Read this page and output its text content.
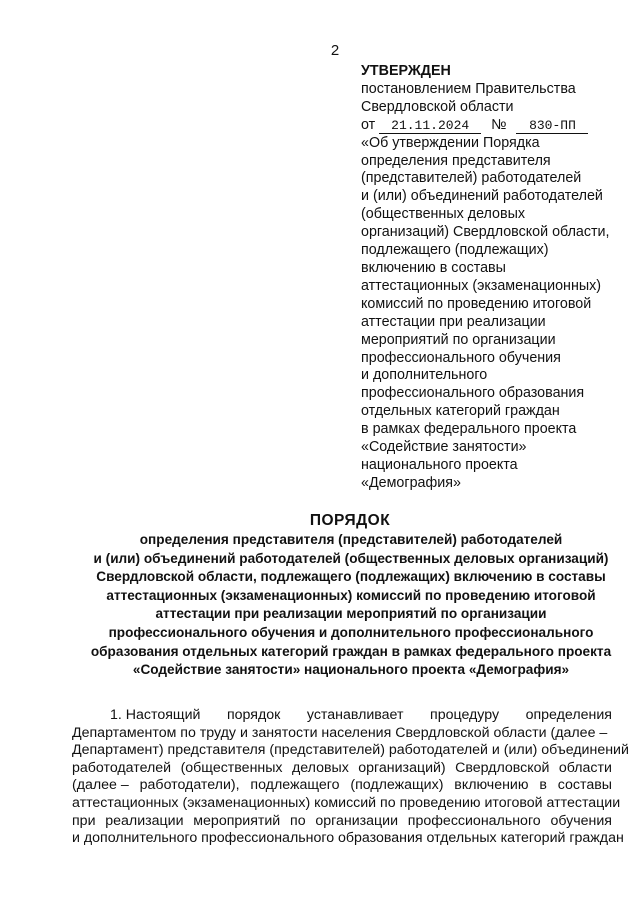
2
УТВЕРЖДЕН
постановлением Правительства
Свердловской области
от 21.11.2024 № 830-ПП
«Об утверждении Порядка
определения представителя
(представителей) работодателей
и (или) объединений работодателей
(общественных деловых
организаций) Свердловской области,
подлежащего (подлежащих)
включению в составы
аттестационных (экзаменационных)
комиссий по проведению итоговой
аттестации при реализации
мероприятий по организации
профессионального обучения
и дополнительного
профессионального образования
отдельных категорий граждан
в рамках федерального проекта
«Содействие занятости»
национального проекта
«Демография»
ПОРЯДОК
определения представителя (представителей) работодателей
и (или) объединений работодателей (общественных деловых организаций)
Свердловской области, подлежащего (подлежащих) включению в составы
аттестационных (экзаменационных) комиссий по проведению итоговой
аттестации при реализации мероприятий по организации
профессионального обучения и дополнительного профессионального
образования отдельных категорий граждан в рамках федерального проекта
«Содействие занятости» национального проекта «Демография»
1. Настоящий порядок устанавливает процедуру определения
Департаментом по труду и занятости населения Свердловской области (далее –
Департамент) представителя (представителей) работодателей и (или) объединений
работодателей (общественных деловых организаций) Свердловской области
(далее – работодатели), подлежащего (подлежащих) включению в составы
аттестационных (экзаменационных) комиссий по проведению итоговой аттестации
при реализации мероприятий по организации профессионального обучения
и дополнительного профессионального образования отдельных категорий граждан
